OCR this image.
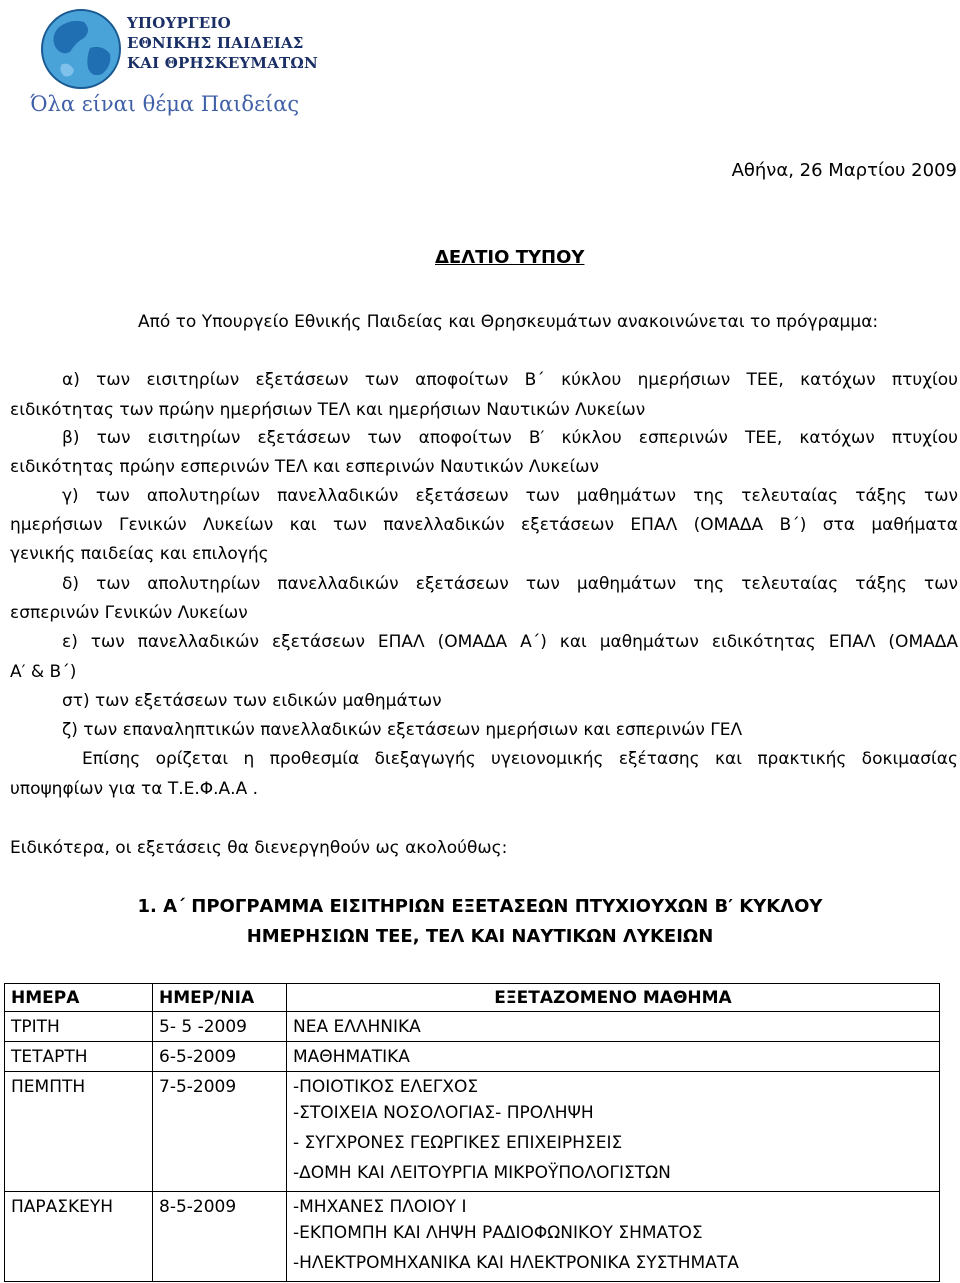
ΥΠΟΥΡΓΕΙΟ
ΕΘΝΙΚΗΣ ΠΑΙΔΕΙΑΣ
ΚΑΙ ΘΡΗΣΚΕΥΜΑΤΩΝ
Όλα είναι θέμα Παιδείας
Αθήνα, 26 Μαρτίου 2009
ΔΕΛΤΙΟ ΤΥΠΟΥ
Από το Υπουργείο Εθνικής Παιδείας και Θρησκευμάτων ανακοινώνεται το πρόγραμμα:
α) των εισιτηρίων εξετάσεων των αποφοίτων Β΄ κύκλου ημερήσιων ΤΕΕ, κατόχων πτυχίου
ειδικότητας των πρώην ημερήσιων ΤΕΛ και ημερήσιων Ναυτικών Λυκείων
β) των εισιτηρίων εξετάσεων των αποφοίτων Β′ κύκλου εσπερινών ΤΕΕ, κατόχων πτυχίου
ειδικότητας πρώην εσπερινών ΤΕΛ και εσπερινών Ναυτικών Λυκείων
γ) των απολυτηρίων πανελλαδικών εξετάσεων των μαθημάτων της τελευταίας τάξης των
ημερήσιων Γενικών Λυκείων και των πανελλαδικών εξετάσεων ΕΠΑΛ (ΟΜΑΔΑ Β΄) στα μαθήματα
γενικής παιδείας και επιλογής
δ) των απολυτηρίων πανελλαδικών εξετάσεων των μαθημάτων της τελευταίας τάξης των
εσπερινών Γενικών Λυκείων
ε) των πανελλαδικών εξετάσεων ΕΠΑΛ (ΟΜΑΔΑ Α΄) και μαθημάτων ειδικότητας ΕΠΑΛ (ΟΜΑΔΑ
Α′ & Β΄)
στ) των εξετάσεων των ειδικών μαθημάτων
ζ) των επαναληπτικών πανελλαδικών εξετάσεων ημερήσιων και εσπερινών ΓΕΛ
Επίσης ορίζεται η προθεσμία διεξαγωγής υγειονομικής εξέτασης και πρακτικής δοκιμασίας
υποψηφίων για τα Τ.Ε.Φ.Α.Α .
Ειδικότερα, οι εξετάσεις θα διενεργηθούν ως ακολούθως:
1. Α΄ ΠΡΟΓΡΑΜΜΑ ΕΙΣΙΤΗΡΙΩΝ ΕΞΕΤΑΣΕΩΝ ΠΤΥΧΙΟΥΧΩΝ Β′ ΚΥΚΛΟΥ
ΗΜΕΡΗΣΙΩΝ ΤΕΕ, ΤΕΛ ΚΑΙ ΝΑΥΤΙΚΩΝ ΛΥΚΕΙΩΝ
ΗΜΕΡΑ	ΗΜΕΡ/ΝΙΑ	ΕΞΕΤΑΖΟΜΕΝΟ ΜΑΘΗΜΑ
ΤΡΙΤΗ	5- 5 -2009	ΝΕΑ ΕΛΛΗΝΙΚΑ
ΤΕΤΑΡΤΗ	6-5-2009	ΜΑΘΗΜΑΤΙΚΑ
ΠΕΜΠΤΗ	7-5-2009	-ΠΟΙΟΤΙΚΟΣ ΕΛΕΓΧΟΣ
-ΣΤΟΙΧΕΙΑ ΝΟΣΟΛΟΓΙΑΣ- ΠΡΟΛΗΨΗ
- ΣΥΓΧΡΟΝΕΣ ΓΕΩΡΓΙΚΕΣ ΕΠΙΧΕΙΡΗΣΕΙΣ
-ΔΟΜΗ ΚΑΙ ΛΕΙΤΟΥΡΓΙΑ ΜΙΚΡΟΫΠΟΛΟΓΙΣΤΩΝ

ΠΑΡΑΣΚΕΥΗ	8-5-2009	-ΜΗΧΑΝΕΣ ΠΛΟΙΟΥ Ι
-ΕΚΠΟΜΠΗ ΚΑΙ ΛΗΨΗ ΡΑΔΙΟΦΩΝΙΚΟΥ ΣΗΜΑΤΟΣ
-ΗΛΕΚΤΡΟΜΗΧΑΝΙΚΑ ΚΑΙ ΗΛΕΚΤΡΟΝΙΚΑ ΣΥΣΤΗΜΑΤΑ
